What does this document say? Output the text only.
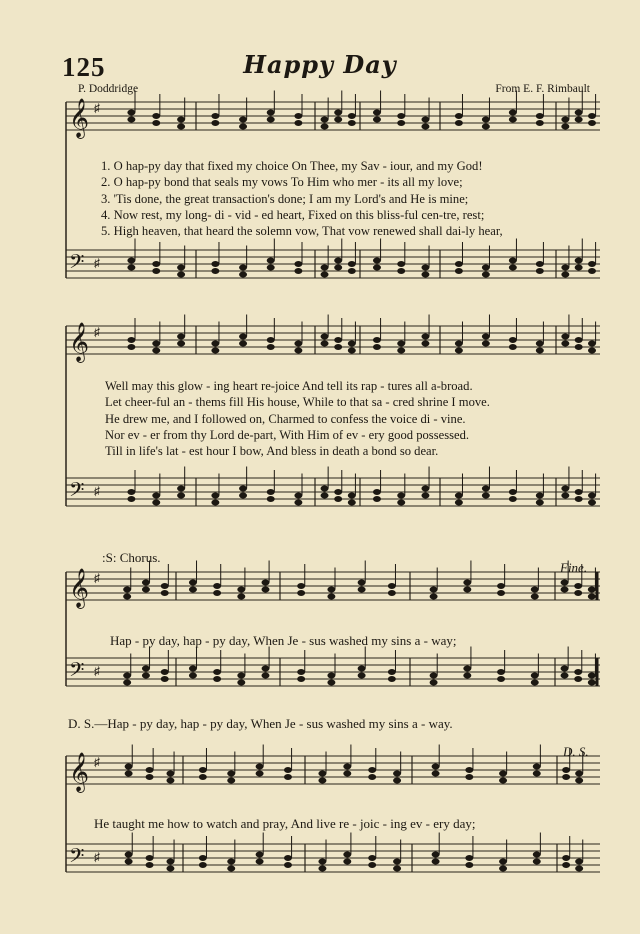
125	Happy Day
P. Doddridge	From E. F. Rimbault
𝄞 ♯
𝄢 ♯
𝄞 ♯
𝄢 ♯
𝄞 ♯
𝄢 ♯
𝄞 ♯
𝄢 ♯
1. O hap-py day that fixed my choice On Thee, my Sav - iour, and my God!
2. O hap-py bond that seals my vows To Him who mer - its all my love;
3. 'Tis done, the great transaction's done; I am my Lord's and He is mine;
4. Now rest, my long- di - vid - ed heart, Fixed on this bliss-ful cen-tre, rest;
5. High heaven, that heard the solemn vow, That vow renewed shall dai-ly hear,
Well may this glow - ing heart re-joice And tell its rap - tures all a-broad.
Let cheer-ful an - thems fill His house, While to that sa - cred shrine I move.
He drew me, and I followed on, Charmed to confess the voice di - vine.
Nor ev - er from thy Lord de-part, With Him of ev - ery good possessed.
Till in life's lat - est hour I bow, And bless in death a bond so dear.
:S: Chorus.
Fine.
Hap - py day, hap - py day, When Je - sus washed my sins a - way;
D. S.—Hap - py day, hap - py day, When Je - sus washed my sins a - way.
D. S.
He taught me how to watch and pray, And live re - joic - ing ev - ery day;
